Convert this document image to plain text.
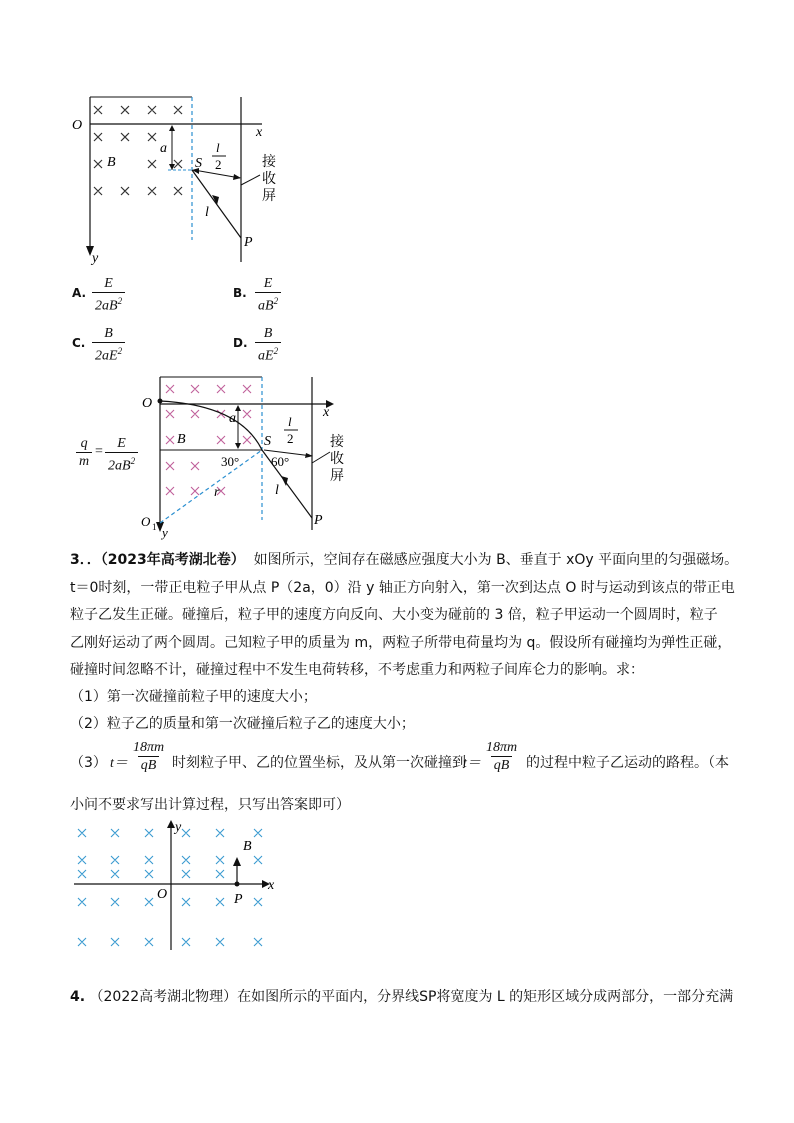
O	x
y
B
a
S
l
2
l
P
接
收
屏
A. $\frac{E}{2aB^2}$	B. $\frac{E}{aB^2}$
C. $\frac{B}{2aE^2}$	D. $\frac{B}{aE^2}$
$\frac{q}{m} = \frac{E}{2aB^2}$
O
x
y
O 1
B
a
S
l
2
30° 60°
r	l
P
接
收
屏
3．．（2023年高考湖北卷） 如图所示，空间存在磁感应强度大小为 B、垂直于 xOy 平面向里的匀强磁场。
t＝0时刻，一带正电粒子甲从点 P（2a，0）沿 y 轴正方向射入，第一次到达点 O 时与运动到该点的带正电
粒子乙发生正碰。碰撞后，粒子甲的速度方向反向、大小变为碰前的 3 倍，粒子甲运动一个圆周时，粒子
乙刚好运动了两个圆周。己知粒子甲的质量为 m，两粒子所带电荷量均为 q。假设所有碰撞均为弹性正碰，
碰撞时间忽略不计，碰撞过程中不发生电荷转移，不考虑重力和两粒子间库仑力的影响。求：
（1）第一次碰撞前粒子甲的速度大小；
（2）粒子乙的质量和第一次碰撞后粒子乙的速度大小；
（3） $t= \frac{18\pi m}{qB}$ 时刻粒子甲、乙的位置坐标，及从第一次碰撞到
$t= \frac{18\pi m}{qB}$ 的过程中粒子乙运动的路程。（本
小问不要求写出计算过程，只写出答案即可）
y
x
O
B
P
4. （2022高考湖北物理）在如图所示的平面内，分界线SP将宽度为 L 的矩形区域分成两部分，一部分充满
